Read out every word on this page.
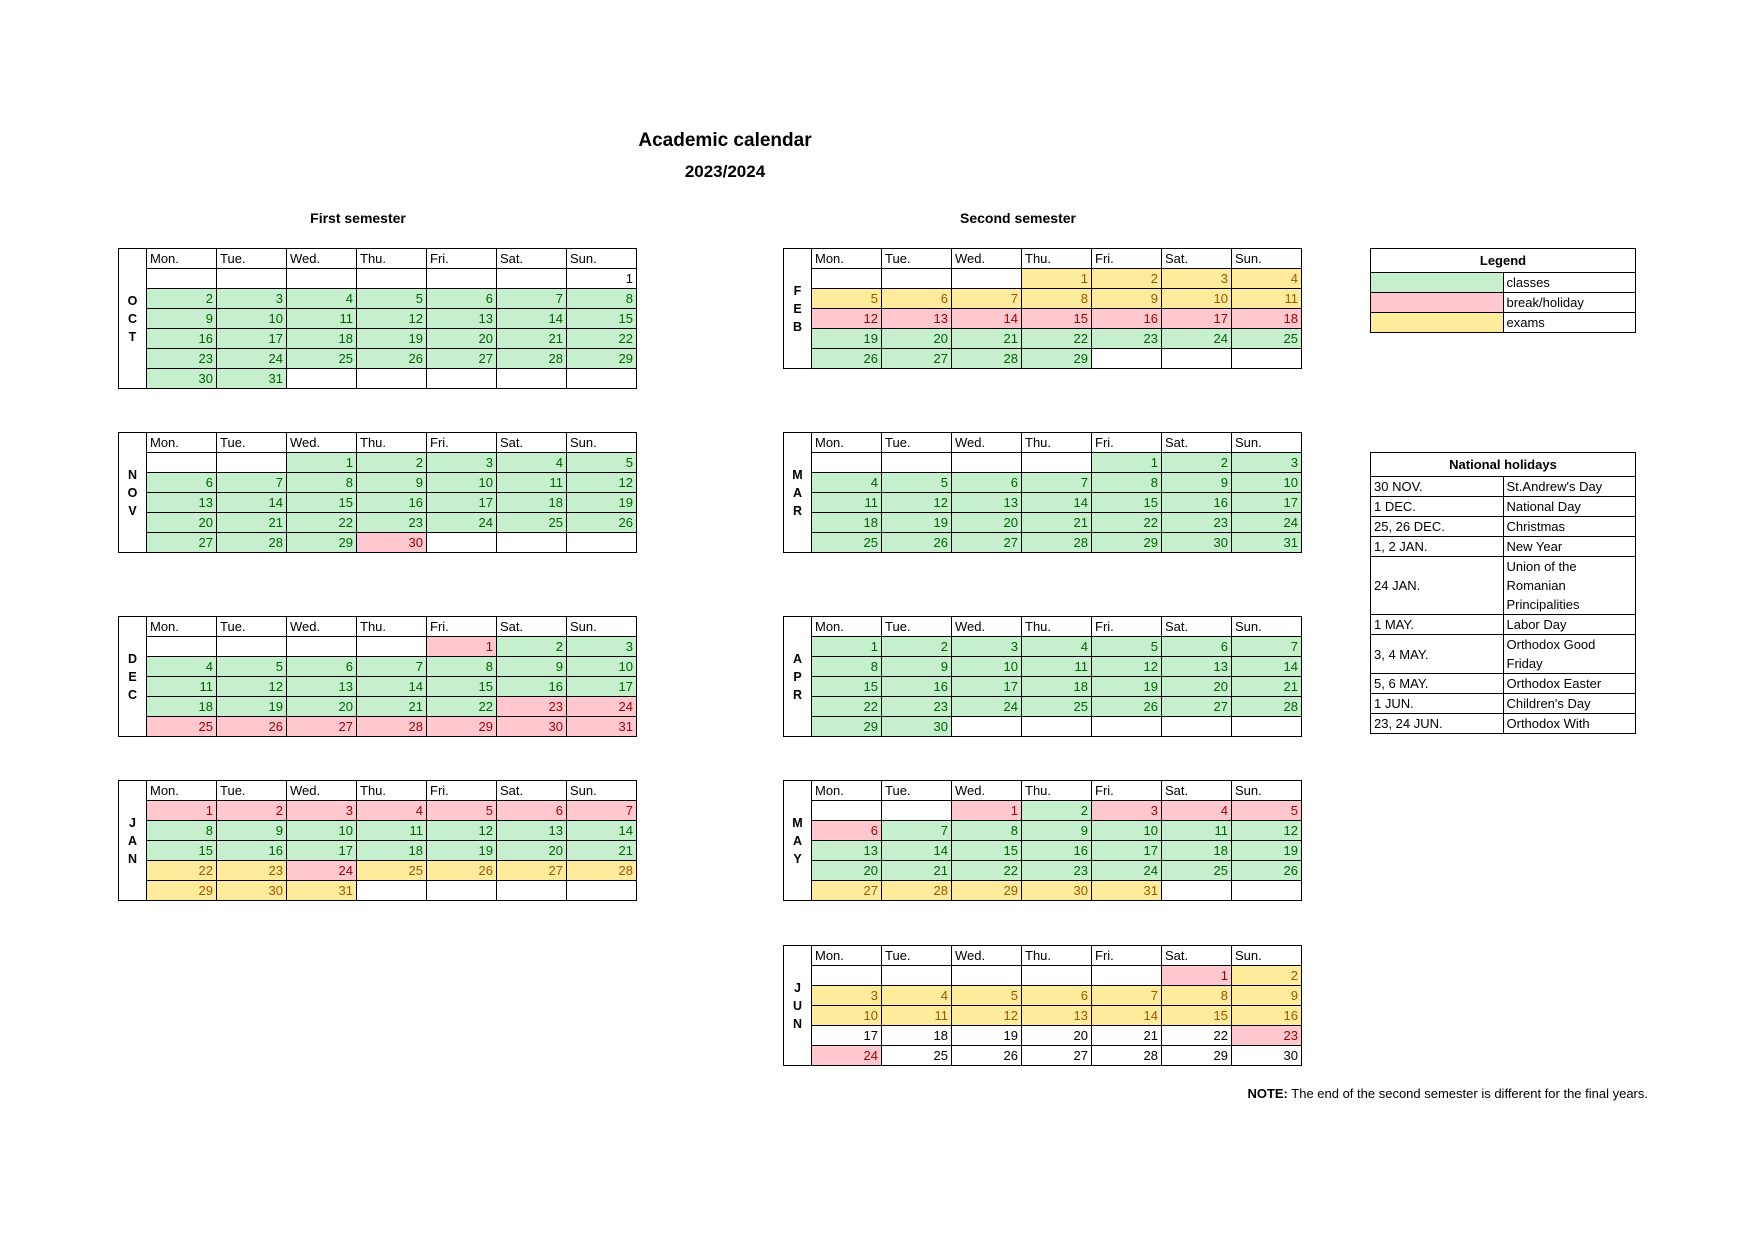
Academic calendar
2023/2024
First semester	Second semester
O
C
T	Mon.	Tue.	Wed.	Thu.	Fri.	Sat.	Sun.
							1
	2	3	4	5	6	7	8
	9	10	11	12	13	14	15
	16	17	18	19	20	21	22
	23	24	25	26	27	28	29
	30	31					
N
O
V	Mon.	Tue.	Wed.	Thu.	Fri.	Sat.	Sun.
			1	2	3	4	5
	6	7	8	9	10	11	12
	13	14	15	16	17	18	19
	20	21	22	23	24	25	26
	27	28	29	30			
D
E
C	Mon.	Tue.	Wed.	Thu.	Fri.	Sat.	Sun.
					1	2	3
	4	5	6	7	8	9	10
	11	12	13	14	15	16	17
	18	19	20	21	22	23	24
	25	26	27	28	29	30	31
J
A
N	Mon.	Tue.	Wed.	Thu.	Fri.	Sat.	Sun.
	1	2	3	4	5	6	7
	8	9	10	11	12	13	14
	15	16	17	18	19	20	21
	22	23	24	25	26	27	28
	29	30	31				
F
E
B	Mon.	Tue.	Wed.	Thu.	Fri.	Sat.	Sun.
				1	2	3	4
	5	6	7	8	9	10	11
	12	13	14	15	16	17	18
	19	20	21	22	23	24	25
	26	27	28	29			
M
A
R	Mon.	Tue.	Wed.	Thu.	Fri.	Sat.	Sun.
					1	2	3
	4	5	6	7	8	9	10
	11	12	13	14	15	16	17
	18	19	20	21	22	23	24
	25	26	27	28	29	30	31
A
P
R	Mon.	Tue.	Wed.	Thu.	Fri.	Sat.	Sun.
	1	2	3	4	5	6	7
	8	9	10	11	12	13	14
	15	16	17	18	19	20	21
	22	23	24	25	26	27	28
	29	30					
M
A
Y	Mon.	Tue.	Wed.	Thu.	Fri.	Sat.	Sun.
			1	2	3	4	5
	6	7	8	9	10	11	12
	13	14	15	16	17	18	19
	20	21	22	23	24	25	26
	27	28	29	30	31		
J
U
N	Mon.	Tue.	Wed.	Thu.	Fri.	Sat.	Sun.
						1	2
	3	4	5	6	7	8	9
	10	11	12	13	14	15	16
	17	18	19	20	21	22	23
	24	25	26	27	28	29	30
Legend	
	classes
	break/holiday
	exams
National holidays	
30 NOV.	St.Andrew's Day
1 DEC.	National Day
25, 26 DEC.	Christmas
1, 2 JAN.	New Year
24 JAN.	Union of the Romanian Principalities
1 MAY.	Labor Day
3, 4 MAY.	Orthodox Good Friday
5, 6 MAY.	Orthodox Easter
1 JUN.	Children's Day
23, 24 JUN.	Orthodox With
NOTE: The end of the second semester is different for the final years.
